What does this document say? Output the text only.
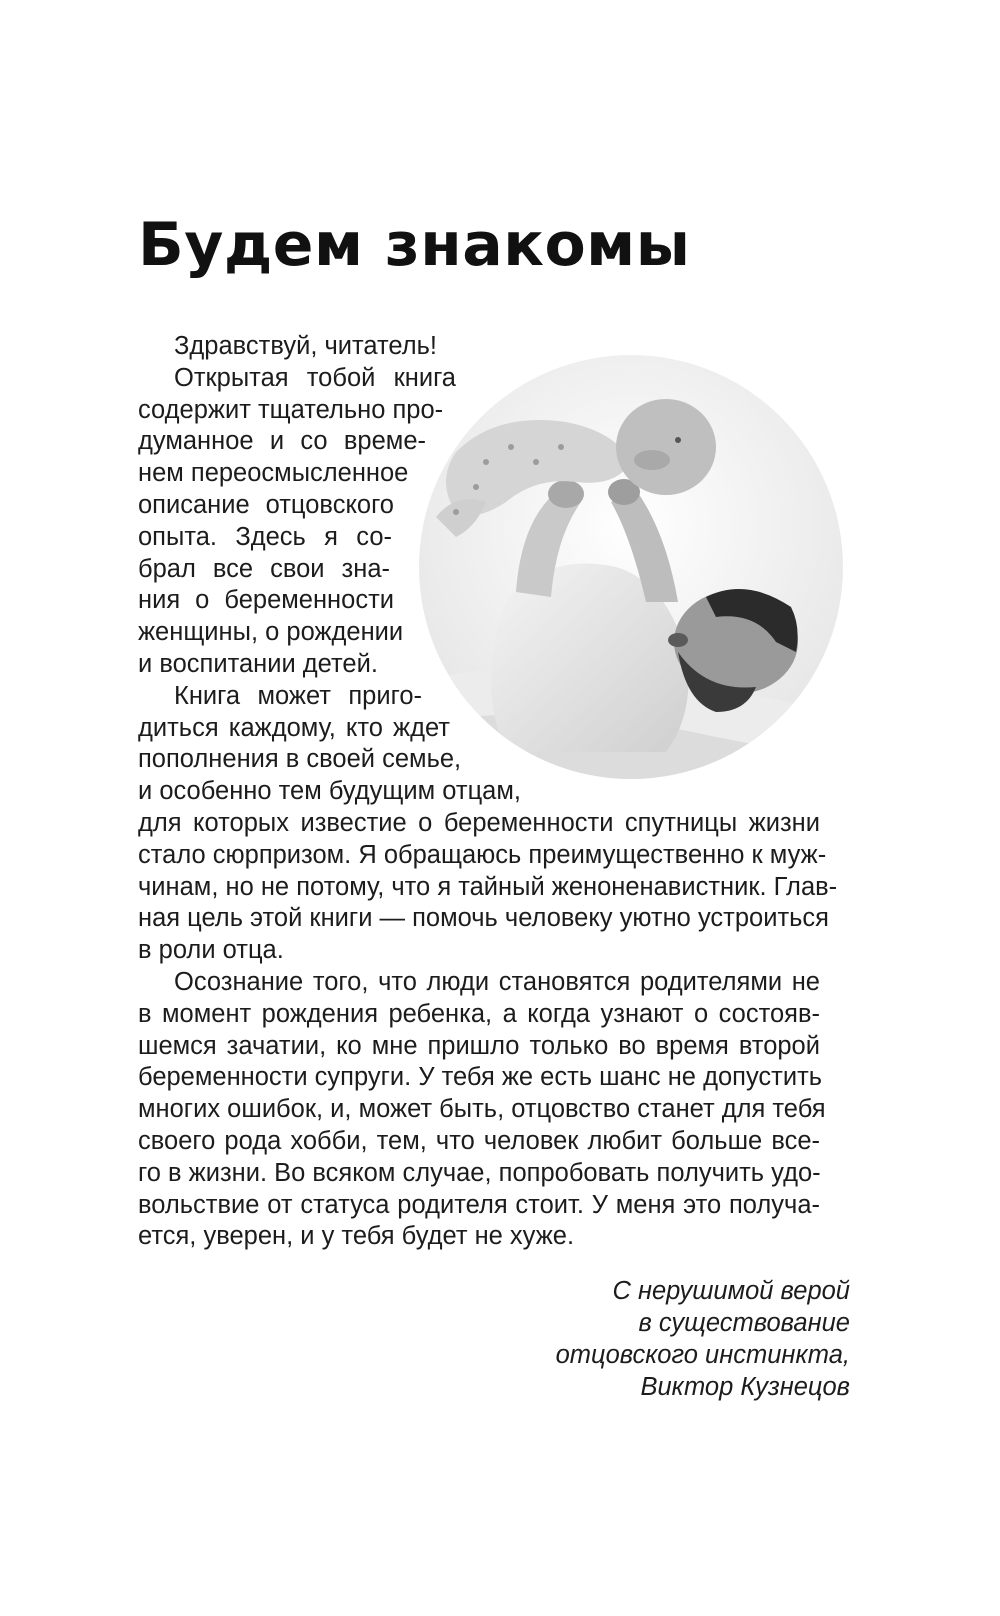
Будем знакомы
Здравствуй, читатель!
Открытая тобой книга
содержит тщательно про-
думанное и со време-
нем переосмысленное
описание отцовского
опыта. Здесь я со-
брал все свои зна-
ния о беременности
женщины, о рождении
и воспитании детей.
Книга может приго-
диться каждому, кто ждет
пополнения в своей семье,
и особенно тем будущим отцам,
для которых известие о беременности спутницы жизни
стало сюрпризом. Я обращаюсь преимущественно к муж-
чинам, но не потому, что я тайный женоненавистник. Глав-
ная цель этой книги — помочь человеку уютно устроиться
в роли отца.
Осознание того, что люди становятся родителями не
в момент рождения ребенка, а когда узнают о состояв-
шемся зачатии, ко мне пришло только во время второй
беременности супруги. У тебя же есть шанс не допустить
многих ошибок, и, может быть, отцовство станет для тебя
своего рода хобби, тем, что человек любит больше все-
го в жизни. Во всяком случае, попробовать получить удо-
вольствие от статуса родителя стоит. У меня это получа-
ется, уверен, и у тебя будет не хуже.
С нерушимой верой
в существование
отцовского инстинкта,
Виктор Кузнецов
